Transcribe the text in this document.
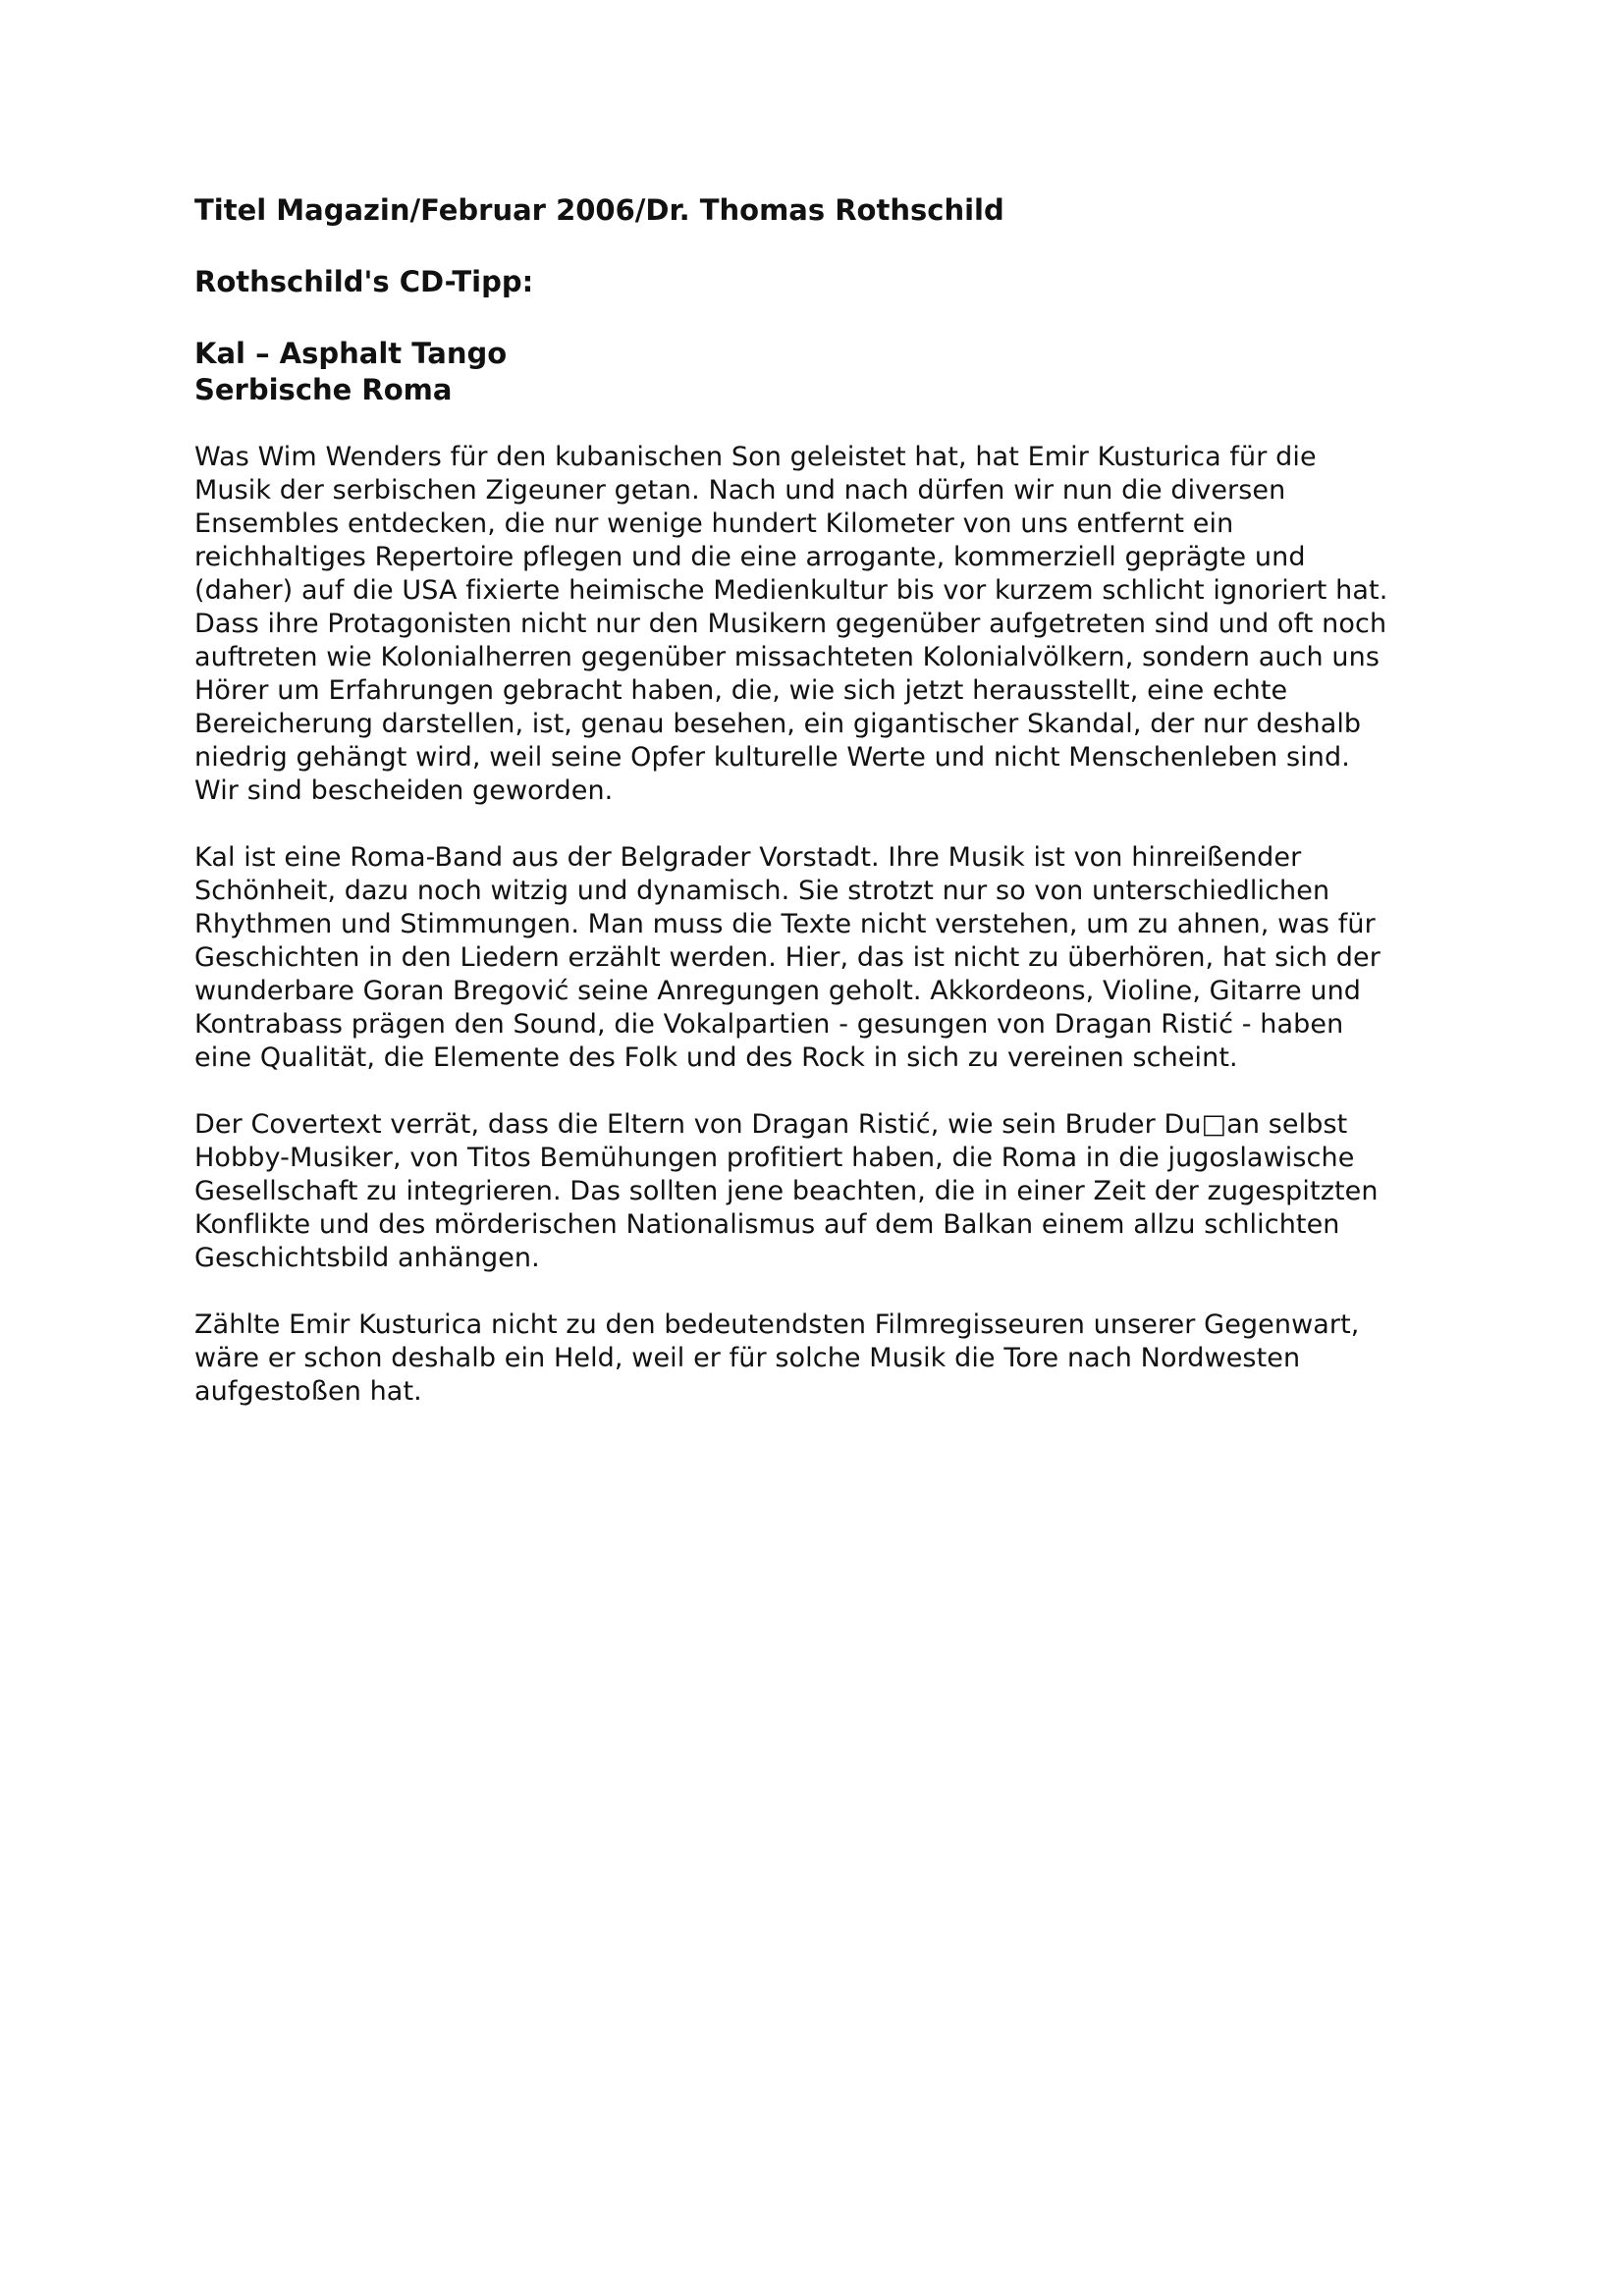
Titel Magazin/Februar 2006/Dr. Thomas Rothschild

Rothschild's CD-Tipp:

Kal – Asphalt Tango

Serbische Roma

Was Wim Wenders für den kubanischen Son geleistet hat, hat Emir Kusturica für die
Musik der serbischen Zigeuner getan. Nach und nach dürfen wir nun die diversen
Ensembles entdecken, die nur wenige hundert Kilometer von uns entfernt ein
reichhaltiges Repertoire pflegen und die eine arrogante, kommerziell geprägte und
(daher) auf die USA fixierte heimische Medienkultur bis vor kurzem schlicht ignoriert hat.
Dass ihre Protagonisten nicht nur den Musikern gegenüber aufgetreten sind und oft noch
auftreten wie Kolonialherren gegenüber missachteten Kolonialvölkern, sondern auch uns
Hörer um Erfahrungen gebracht haben, die, wie sich jetzt herausstellt, eine echte
Bereicherung darstellen, ist, genau besehen, ein gigantischer Skandal, der nur deshalb
niedrig gehängt wird, weil seine Opfer kulturelle Werte und nicht Menschenleben sind.
Wir sind bescheiden geworden.
Kal ist eine Roma-Band aus der Belgrader Vorstadt. Ihre Musik ist von hinreißender
Schönheit, dazu noch witzig und dynamisch. Sie strotzt nur so von unterschiedlichen
Rhythmen und Stimmungen. Man muss die Texte nicht verstehen, um zu ahnen, was für
Geschichten in den Liedern erzählt werden. Hier, das ist nicht zu überhören, hat sich der
wunderbare Goran Bregović seine Anregungen geholt. Akkordeons, Violine, Gitarre und
Kontrabass prägen den Sound, die Vokalpartien - gesungen von Dragan Ristić - haben
eine Qualität, die Elemente des Folk und des Rock in sich zu vereinen scheint.
Der Covertext verrät, dass die Eltern von Dragan Ristić, wie sein Bruder Du□an selbst
Hobby-Musiker, von Titos Bemühungen profitiert haben, die Roma in die jugoslawische
Gesellschaft zu integrieren. Das sollten jene beachten, die in einer Zeit der zugespitzten
Konflikte und des mörderischen Nationalismus auf dem Balkan einem allzu schlichten
Geschichtsbild anhängen.
Zählte Emir Kusturica nicht zu den bedeutendsten Filmregisseuren unserer Gegenwart,
wäre er schon deshalb ein Held, weil er für solche Musik die Tore nach Nordwesten
aufgestoßen hat.
